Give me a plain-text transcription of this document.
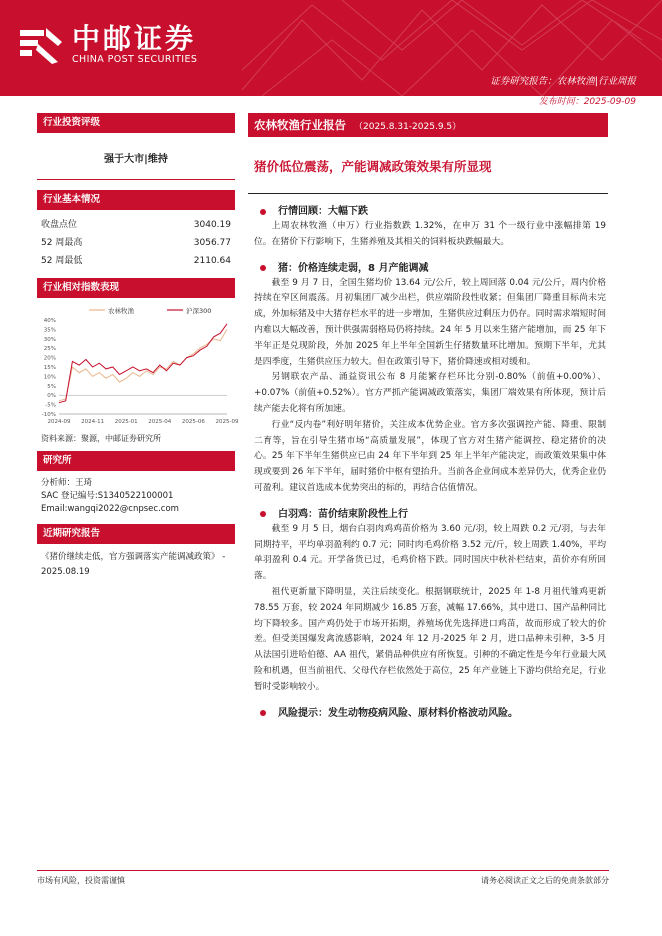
中邮证券
CHINA POST SECURITIES
证券研究报告：农林牧渔|行业周报
发布时间：2025-09-09
行业投资评级
强于大市|维持
行业基本情况
收盘点位	3040.19
52 周最高	3056.77
52 周最低	2110.64
行业相对指数表现
农林牧渔	沪深300
40%
35%
30%
25%
20%
15%
10%
5%
0%
-5%
-10%
2024-09 2024-11 2025-01 2025-04 2025-06 2025-09
资料来源：聚源，中邮证券研究所
研究所
分析师：王琦
SAC 登记编号:S1340522100001
Email:wangqi2022@cnpsec.com
近期研究报告
《猪价继续走低，官方强调落实产能调减政策》 - 2025.08.19
农林牧渔行业报告 （2025.8.31-2025.9.5）
猪价低位震荡，产能调减政策效果有所显现
行情回顾：大幅下跌

上周农林牧渔（申万）行业指数跌 1.32%，在申万 31 个一级行业中涨幅排第 19 位。在猪价下行影响下，生猪养殖及其相关的饲料板块跌幅最大。

猪：价格连续走弱，8 月产能调减

截至 9 月 7 日，全国生猪均价 13.64 元/公斤，较上周回落 0.04 元/公斤，周内价格持续在窄区间震荡。月初集团厂减少出栏，供应端阶段性收紧；但集团厂降重目标尚未完成，外加标猪及中大猪存栏水平的进一步增加，生猪供应过剩压力仍存。同时需求端短时间内难以大幅改善，预计供强需弱格局仍将持续。24 年 5 月以来生猪产能增加，而 25 年下半年正是兑现阶段，外加 2025 年上半年全国新生仔猪数量环比增加。预期下半年，尤其是四季度，生猪供应压力较大。但在政策引导下，猪价降速或相对缓和。

另钢联农产品、涌益资讯公布 8 月能繁存栏环比分别-0.80%（前值+0.00%）、+0.07%（前值+0.52%）。官方严抓产能调减政策落实，集团厂端效果有所体现，预计后续产能去化将有所加速。

行业“反内卷”利好明年猪价，关注成本优势企业。官方多次强调控产能、降重、限制二育等，旨在引导生猪市场“高质量发展”，体现了官方对生猪产能调控、稳定猪价的决心。25 年下半年生猪供应已由 24 年下半年到 25 年上半年产能决定，而政策效果集中体现或要到 26 年下半年，届时猪价中枢有望抬升。当前各企业间成本差异仍大，优秀企业仍可盈利。建议首选成本优势突出的标的，再结合估值情况。

白羽鸡：苗价结束阶段性上行

截至 9 月 5 日，烟台白羽肉鸡鸡苗价格为 3.60 元/羽，较上周跌 0.2 元/羽，与去年同期持平，平均单羽盈利约 0.7 元；同时肉毛鸡价格 3.52 元/斤，较上周跌 1.40%，平均单羽盈利 0.4 元。开学备货已过，毛鸡价格下跌。同时国庆中秋补栏结束，苗价亦有所回落。

祖代更新量下降明显，关注后续变化。根据钢联统计，2025 年 1-8 月祖代雏鸡更新 78.55 万套，较 2024 年同期减少 16.85 万套，减幅 17.66%，其中进口、国产品种同比均下降较多。国产鸡仍处于市场开拓期，养殖场优先选择进口鸡苗，故而形成了较大的价差。但受美国爆发禽流感影响，2024 年 12 月-2025 年 2 月，进口品种未引种，3-5 月从法国引进哈伯德、AA 祖代，紧俏品种供应有所恢复。引种的不确定性是今年行业最大风险和机遇，但当前祖代、父母代存栏依然处于高位，25 年产业链上下游均供给充足，行业暂时受影响较小。

风险提示：发生动物疫病风险、原材料价格波动风险。
市场有风险，投资需谨慎	请务必阅读正文之后的免责条款部分
